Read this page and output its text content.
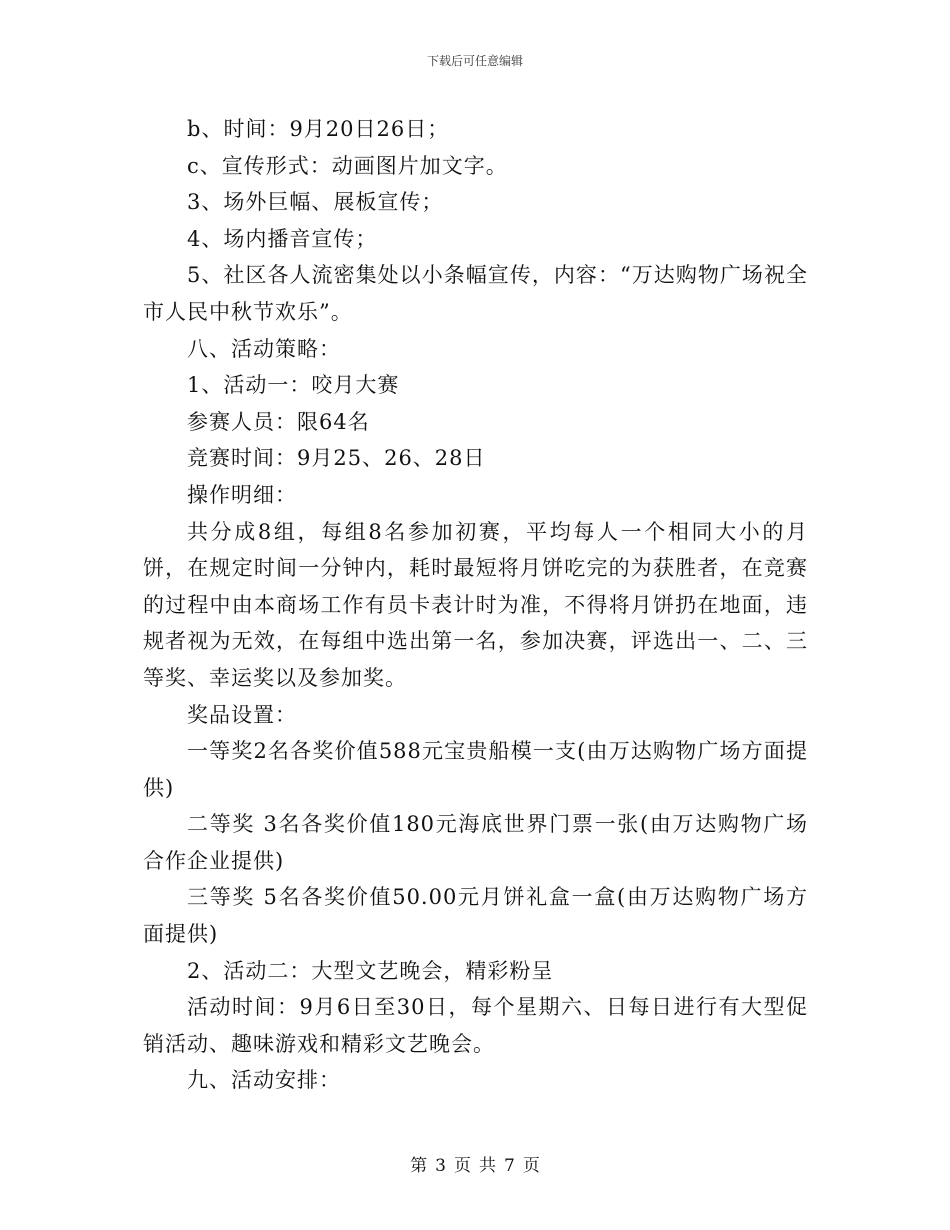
下载后可任意编辑

b、时间：9月20日26日；

c、宣传形式：动画图片加文字。

3、场外巨幅、展板宣传；

4、场内播音宣传；

5、社区各人流密集处以小条幅宣传，内容：“万达购物广场祝全市人民中秋节欢乐”。

八、活动策略：

1、活动一：咬月大赛

参赛人员：限64名

竞赛时间：9月25、26、28日

操作明细：

共分成8组，每组8名参加初赛，平均每人一个相同大小的月饼，在规定时间一分钟内，耗时最短将月饼吃完的为获胜者，在竞赛的过程中由本商场工作有员卡表计时为准，不得将月饼扔在地面，违规者视为无效，在每组中选出第一名，参加决赛，评选出一、二、三等奖、幸运奖以及参加奖。

奖品设置：

一等奖2名各奖价值588元宝贵船模一支(由万达购物广场方面提供)

二等奖 3名各奖价值180元海底世界门票一张(由万达购物广场合作企业提供)

三等奖 5名各奖价值50.00元月饼礼盒一盒(由万达购物广场方面提供)

2、活动二：大型文艺晚会，精彩粉呈

活动时间：9月6日至30日，每个星期六、日每日进行有大型促销活动、趣味游戏和精彩文艺晚会。

九、活动安排：

第 3 页 共 7 页
